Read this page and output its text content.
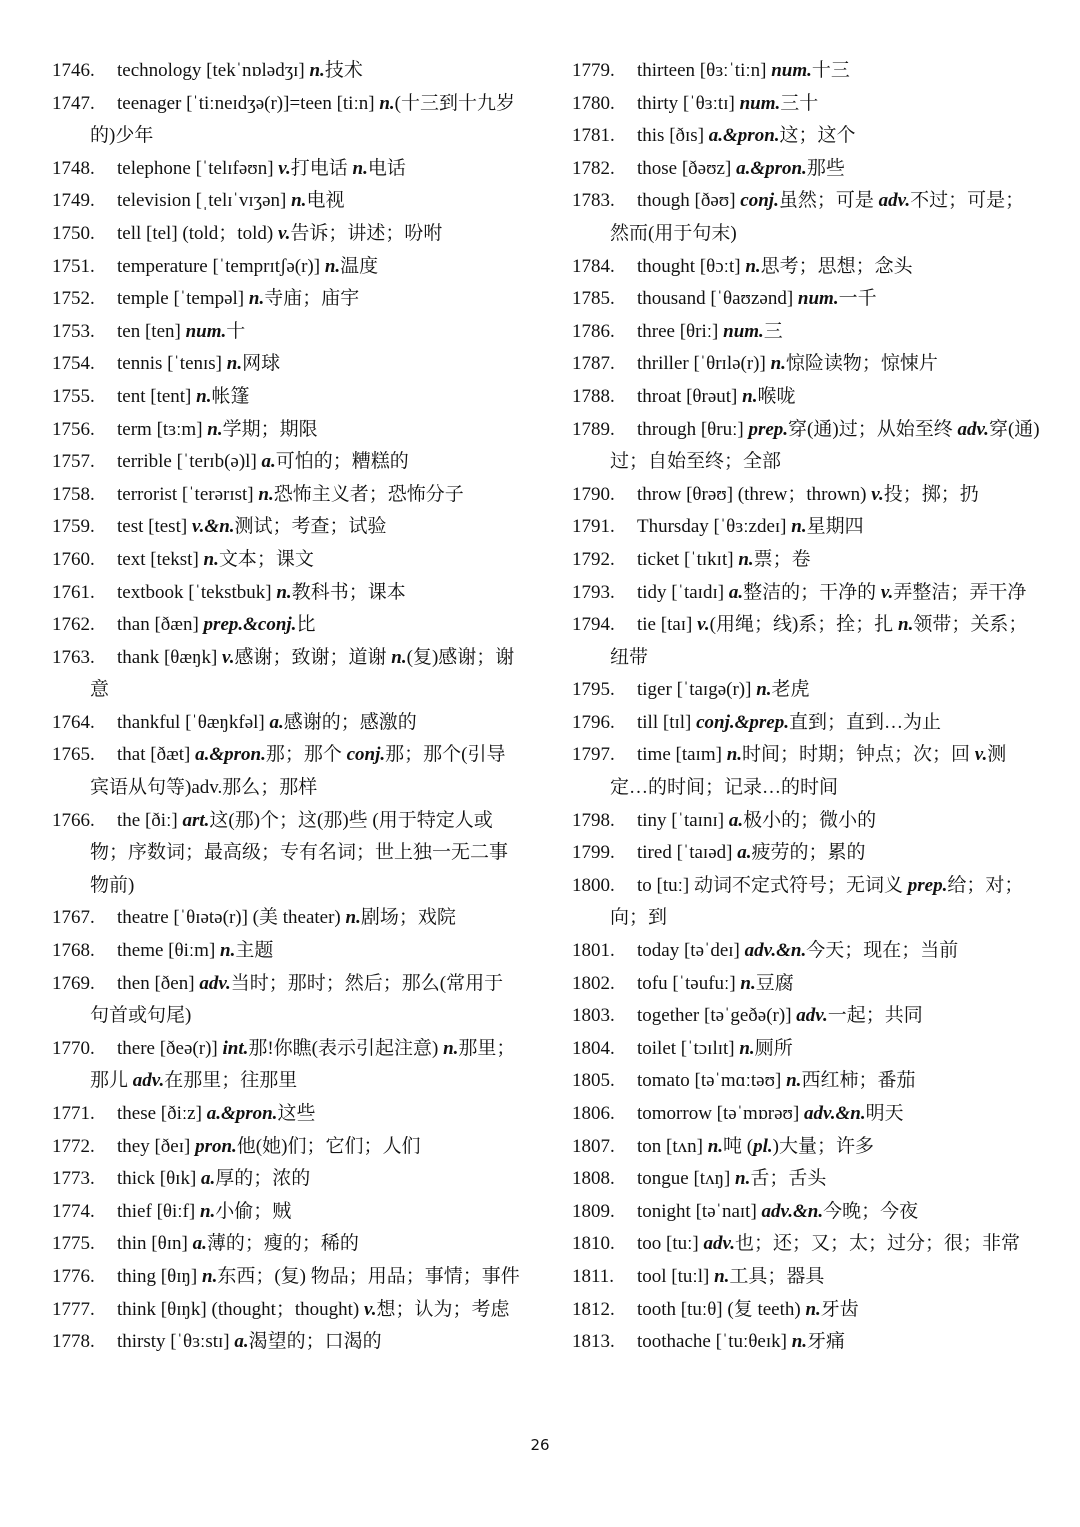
1746. technology [tekˈnɒlədʒɪ] n.技术
1747. teenager [ˈtiːneɪdʒə(r)]=teen [tiːn] n.(十三到十九岁的)少年
1748. telephone [ˈtelɪfəʊn] v.打电话 n.电话
1749. television [ˌtelɪˈvɪʒən] n.电视
1750. tell [tel] (told；told) v.告诉；讲述；吩咐
1751. temperature [ˈtemprɪtʃə(r)] n.温度
1752. temple [ˈtempəl] n.寺庙；庙宇
1753. ten [ten] num.十
1754. tennis [ˈtenɪs] n.网球
1755. tent [tent] n.帐篷
1756. term [tɜːm] n.学期；期限
1757. terrible [ˈterɪb(ə)l] a.可怕的；糟糕的
1758. terrorist [ˈterərɪst] n.恐怖主义者；恐怖分子
1759. test [test] v.&n.测试；考查；试验
1760. text [tekst] n.文本；课文
1761. textbook [ˈtekstbuk] n.教科书；课本
1762. than [ðæn] prep.&conj.比
1763. thank [θæŋk] v.感谢；致谢；道谢 n.(复)感谢；谢意
1764. thankful [ˈθæŋkfəl] a.感谢的；感激的
1765. that [ðæt] a.&pron.那；那个 conj.那；那个(引导宾语从句等)adv.那么；那样
1766. the [ðiː] art.这(那)个；这(那)些 (用于特定人或物；序数词；最高级；专有名词；世上独一无二事物前)
1767. theatre [ˈθɪətə(r)] (美 theater) n.剧场；戏院
1768. theme [θiːm] n.主题
1769. then [ðen] adv.当时；那时；然后；那么(常用于句首或句尾)
1770. there [ðeə(r)] int.那!你瞧(表示引起注意) n.那里；那儿 adv.在那里；往那里
1771. these [ðiːz] a.&pron.这些
1772. they [ðeɪ] pron.他(她)们；它们；人们
1773. thick [θɪk] a.厚的；浓的
1774. thief [θiːf] n.小偷；贼
1775. thin [θɪn] a.薄的；瘦的；稀的
1776. thing [θɪŋ] n.东西；(复) 物品；用品；事情；事件
1777. think [θɪŋk] (thought；thought) v.想；认为；考虑
1778. thirsty [ˈθɜːstɪ] a.渴望的；口渴的
1779. thirteen [θɜːˈtiːn] num.十三
1780. thirty [ˈθɜːtɪ] num.三十
1781. this [ðɪs] a.&pron.这；这个
1782. those [ðəʊz] a.&pron.那些
1783. though [ðəʊ] conj.虽然；可是 adv.不过；可是；然而(用于句末)
1784. thought [θɔːt] n.思考；思想；念头
1785. thousand [ˈθaʊzənd] num.一千
1786. three [θriː] num.三
1787. thriller [ˈθrɪlə(r)] n.惊险读物；惊悚片
1788. throat [θrəut] n.喉咙
1789. through [θruː] prep.穿(通)过；从始至终 adv.穿(通)过；自始至终；全部
1790. throw [θrəʊ] (threw；thrown) v.投；掷；扔
1791. Thursday [ˈθɜːzdeɪ] n.星期四
1792. ticket [ˈtɪkɪt] n.票；卷
1793. tidy [ˈtaɪdɪ] a.整洁的；干净的 v.弄整洁；弄干净
1794. tie [taɪ] v.(用绳；线)系；拴；扎 n.领带；关系；纽带
1795. tiger [ˈtaɪgə(r)] n.老虎
1796. till [tɪl] conj.&prep.直到；直到…为止
1797. time [taɪm] n.时间；时期；钟点；次；回 v.测定…的时间；记录…的时间
1798. tiny [ˈtaɪnɪ] a.极小的；微小的
1799. tired [ˈtaɪəd] a.疲劳的；累的
1800. to [tuː] 动词不定式符号；无词义 prep.给；对；向；到
1801. today [təˈdeɪ] adv.&n.今天；现在；当前
1802. tofu [ˈtəufuː] n.豆腐
1803. together [təˈgeðə(r)] adv.一起；共同
1804. toilet [ˈtɔɪlɪt] n.厕所
1805. tomato [təˈmɑːtəʊ] n.西红柿；番茄
1806. tomorrow [təˈmɒrəʊ] adv.&n.明天
1807. ton [tʌn] n.吨 (pl.)大量；许多
1808. tongue [tʌŋ] n.舌；舌头
1809. tonight [təˈnaɪt] adv.&n.今晚；今夜
1810. too [tuː] adv.也；还；又；太；过分；很；非常
1811. tool [tuːl] n.工具；器具
1812. tooth [tuːθ] (复 teeth) n.牙齿
1813. toothache [ˈtuːθeɪk] n.牙痛
26
